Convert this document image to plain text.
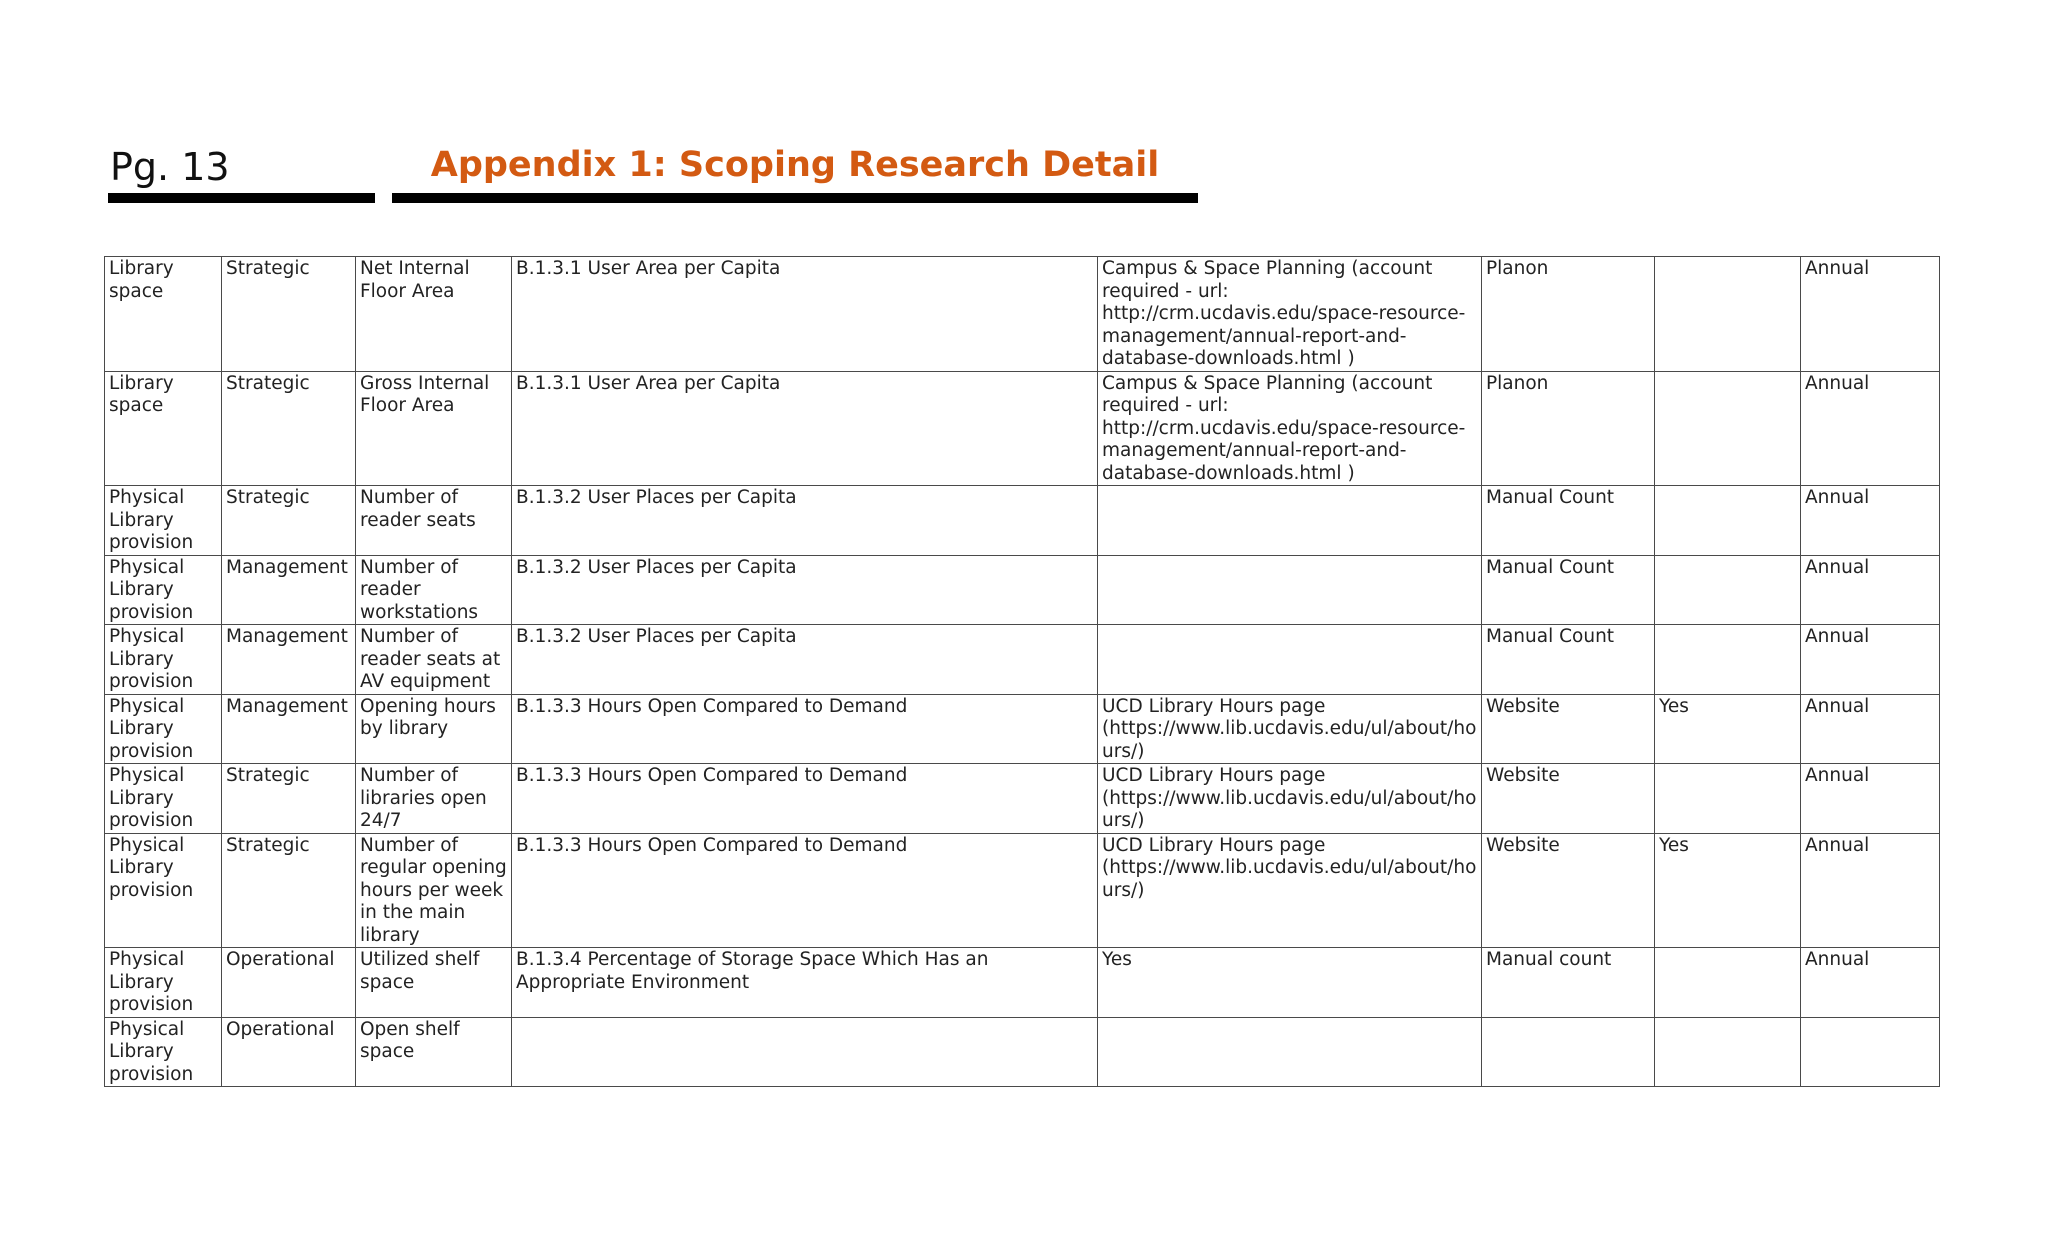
Pg. 13	Appendix 1: Scoping Research Detail
Library space	Strategic	Net Internal Floor Area	B.1.3.1 User Area per Capita	Campus & Space Planning (account required - url: http://crm.ucdavis.edu/space-resource-management/annual-report-and-database-downloads.html )	Planon		Annual
Library space	Strategic	Gross Internal Floor Area	B.1.3.1 User Area per Capita	Campus & Space Planning (account required - url: http://crm.ucdavis.edu/space-resource-management/annual-report-and-database-downloads.html )	Planon		Annual
Physical Library provision	Strategic	Number of reader seats	B.1.3.2 User Places per Capita		Manual Count		Annual
Physical Library provision	Management	Number of reader workstations	B.1.3.2 User Places per Capita		Manual Count		Annual
Physical Library provision	Management	Number of reader seats at AV equipment	B.1.3.2 User Places per Capita		Manual Count		Annual
Physical Library provision	Management	Opening hours by library	B.1.3.3 Hours Open Compared to Demand	UCD Library Hours page (https://www.lib.ucdavis.edu/ul/about/hours/)	Website	Yes	Annual
Physical Library provision	Strategic	Number of libraries open 24/7	B.1.3.3 Hours Open Compared to Demand	UCD Library Hours page (https://www.lib.ucdavis.edu/ul/about/hours/)	Website		Annual
Physical Library provision	Strategic	Number of regular opening hours per week in the main library	B.1.3.3 Hours Open Compared to Demand	UCD Library Hours page (https://www.lib.ucdavis.edu/ul/about/hours/)	Website	Yes	Annual
Physical Library provision	Operational	Utilized shelf space	B.1.3.4 Percentage of Storage Space Which Has an Appropriate Environment	Yes	Manual count		Annual
Physical Library provision	Operational	Open shelf space					
